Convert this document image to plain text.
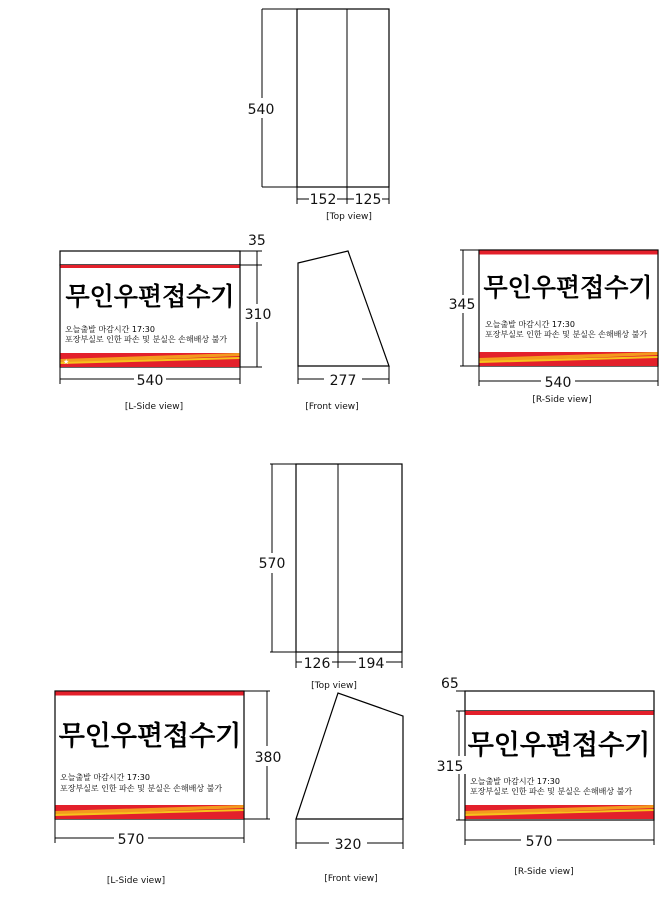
540
152 125
[Top view]
무인우편접수기
오늘출발 마감시간 17:30
포장부실로 인한 파손 및 분실은 손해배상 불가
★
35
310
540
[L-Side view]
277
[Front view]
무인우편접수기
오늘출발 마감시간 17:30
포장부실로 인한 파손 및 분실은 손해배상 불가
345
540
[R-Side view]
570
126 194
[Top view]
무인우편접수기
오늘출발 마감시간 17:30
포장부실로 인한 파손 및 분실은 손해배상 불가
380
570
[L-Side view]
320
[Front view]
무인우편접수기
오늘출발 마감시간 17:30
포장부실로 인한 파손 및 분실은 손해배상 불가
65
315
570
[R-Side view]
